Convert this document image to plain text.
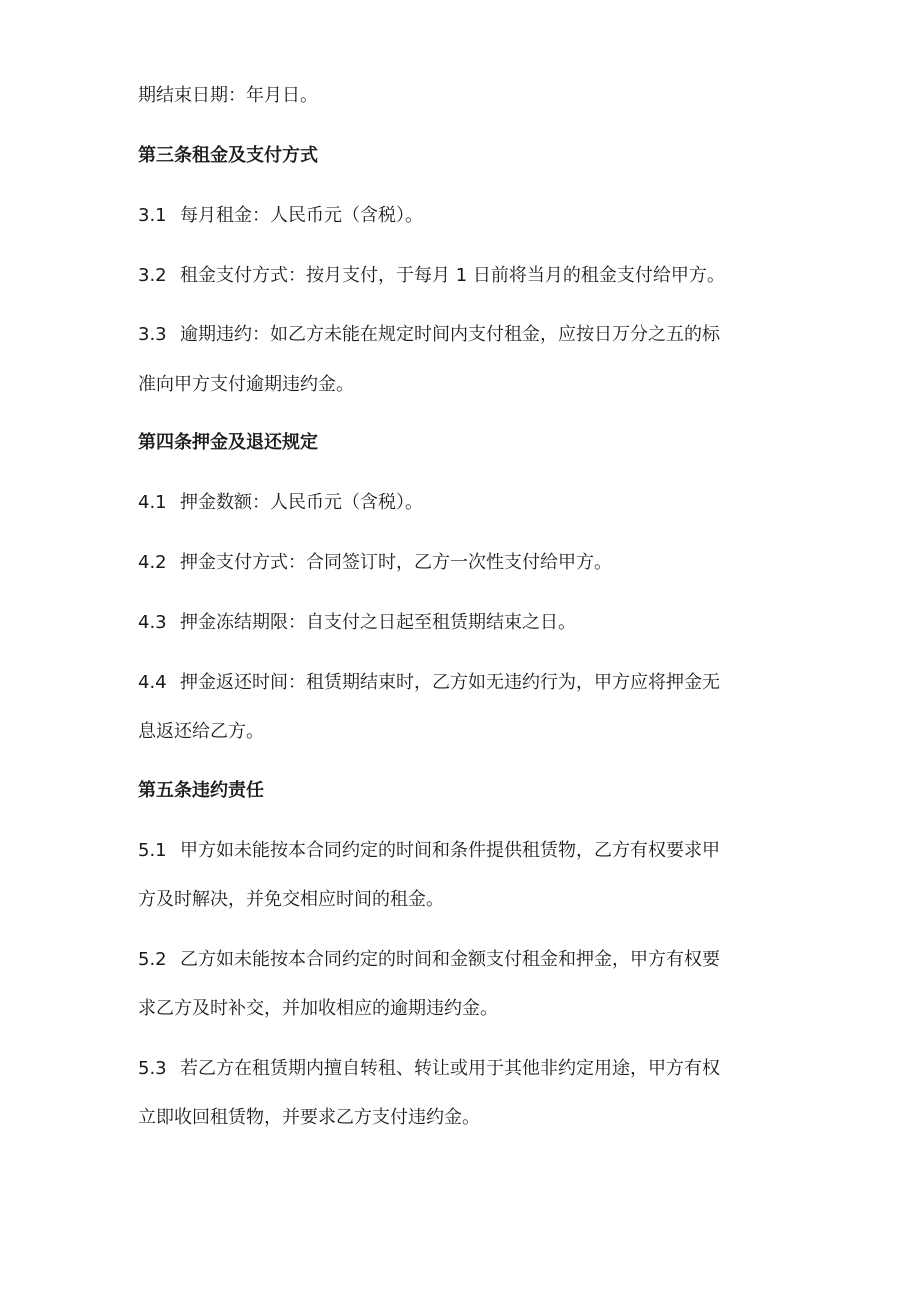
期结束日期：年月日。
第三条租金及支付方式
3.1 每月租金：人民币元（含税）。
3.2 租金支付方式：按月支付，于每月 1 日前将当月的租金支付给甲方。
3.3 逾期违约：如乙方未能在规定时间内支付租金，应按日万分之五的标
准向甲方支付逾期违约金。
第四条押金及退还规定
4.1 押金数额：人民币元（含税）。
4.2 押金支付方式：合同签订时，乙方一次性支付给甲方。
4.3 押金冻结期限：自支付之日起至租赁期结束之日。
4.4 押金返还时间：租赁期结束时，乙方如无违约行为，甲方应将押金无
息返还给乙方。
第五条违约责任
5.1 甲方如未能按本合同约定的时间和条件提供租赁物，乙方有权要求甲
方及时解决，并免交相应时间的租金。
5.2 乙方如未能按本合同约定的时间和金额支付租金和押金，甲方有权要
求乙方及时补交，并加收相应的逾期违约金。
5.3 若乙方在租赁期内擅自转租、转让或用于其他非约定用途，甲方有权
立即收回租赁物，并要求乙方支付违约金。
